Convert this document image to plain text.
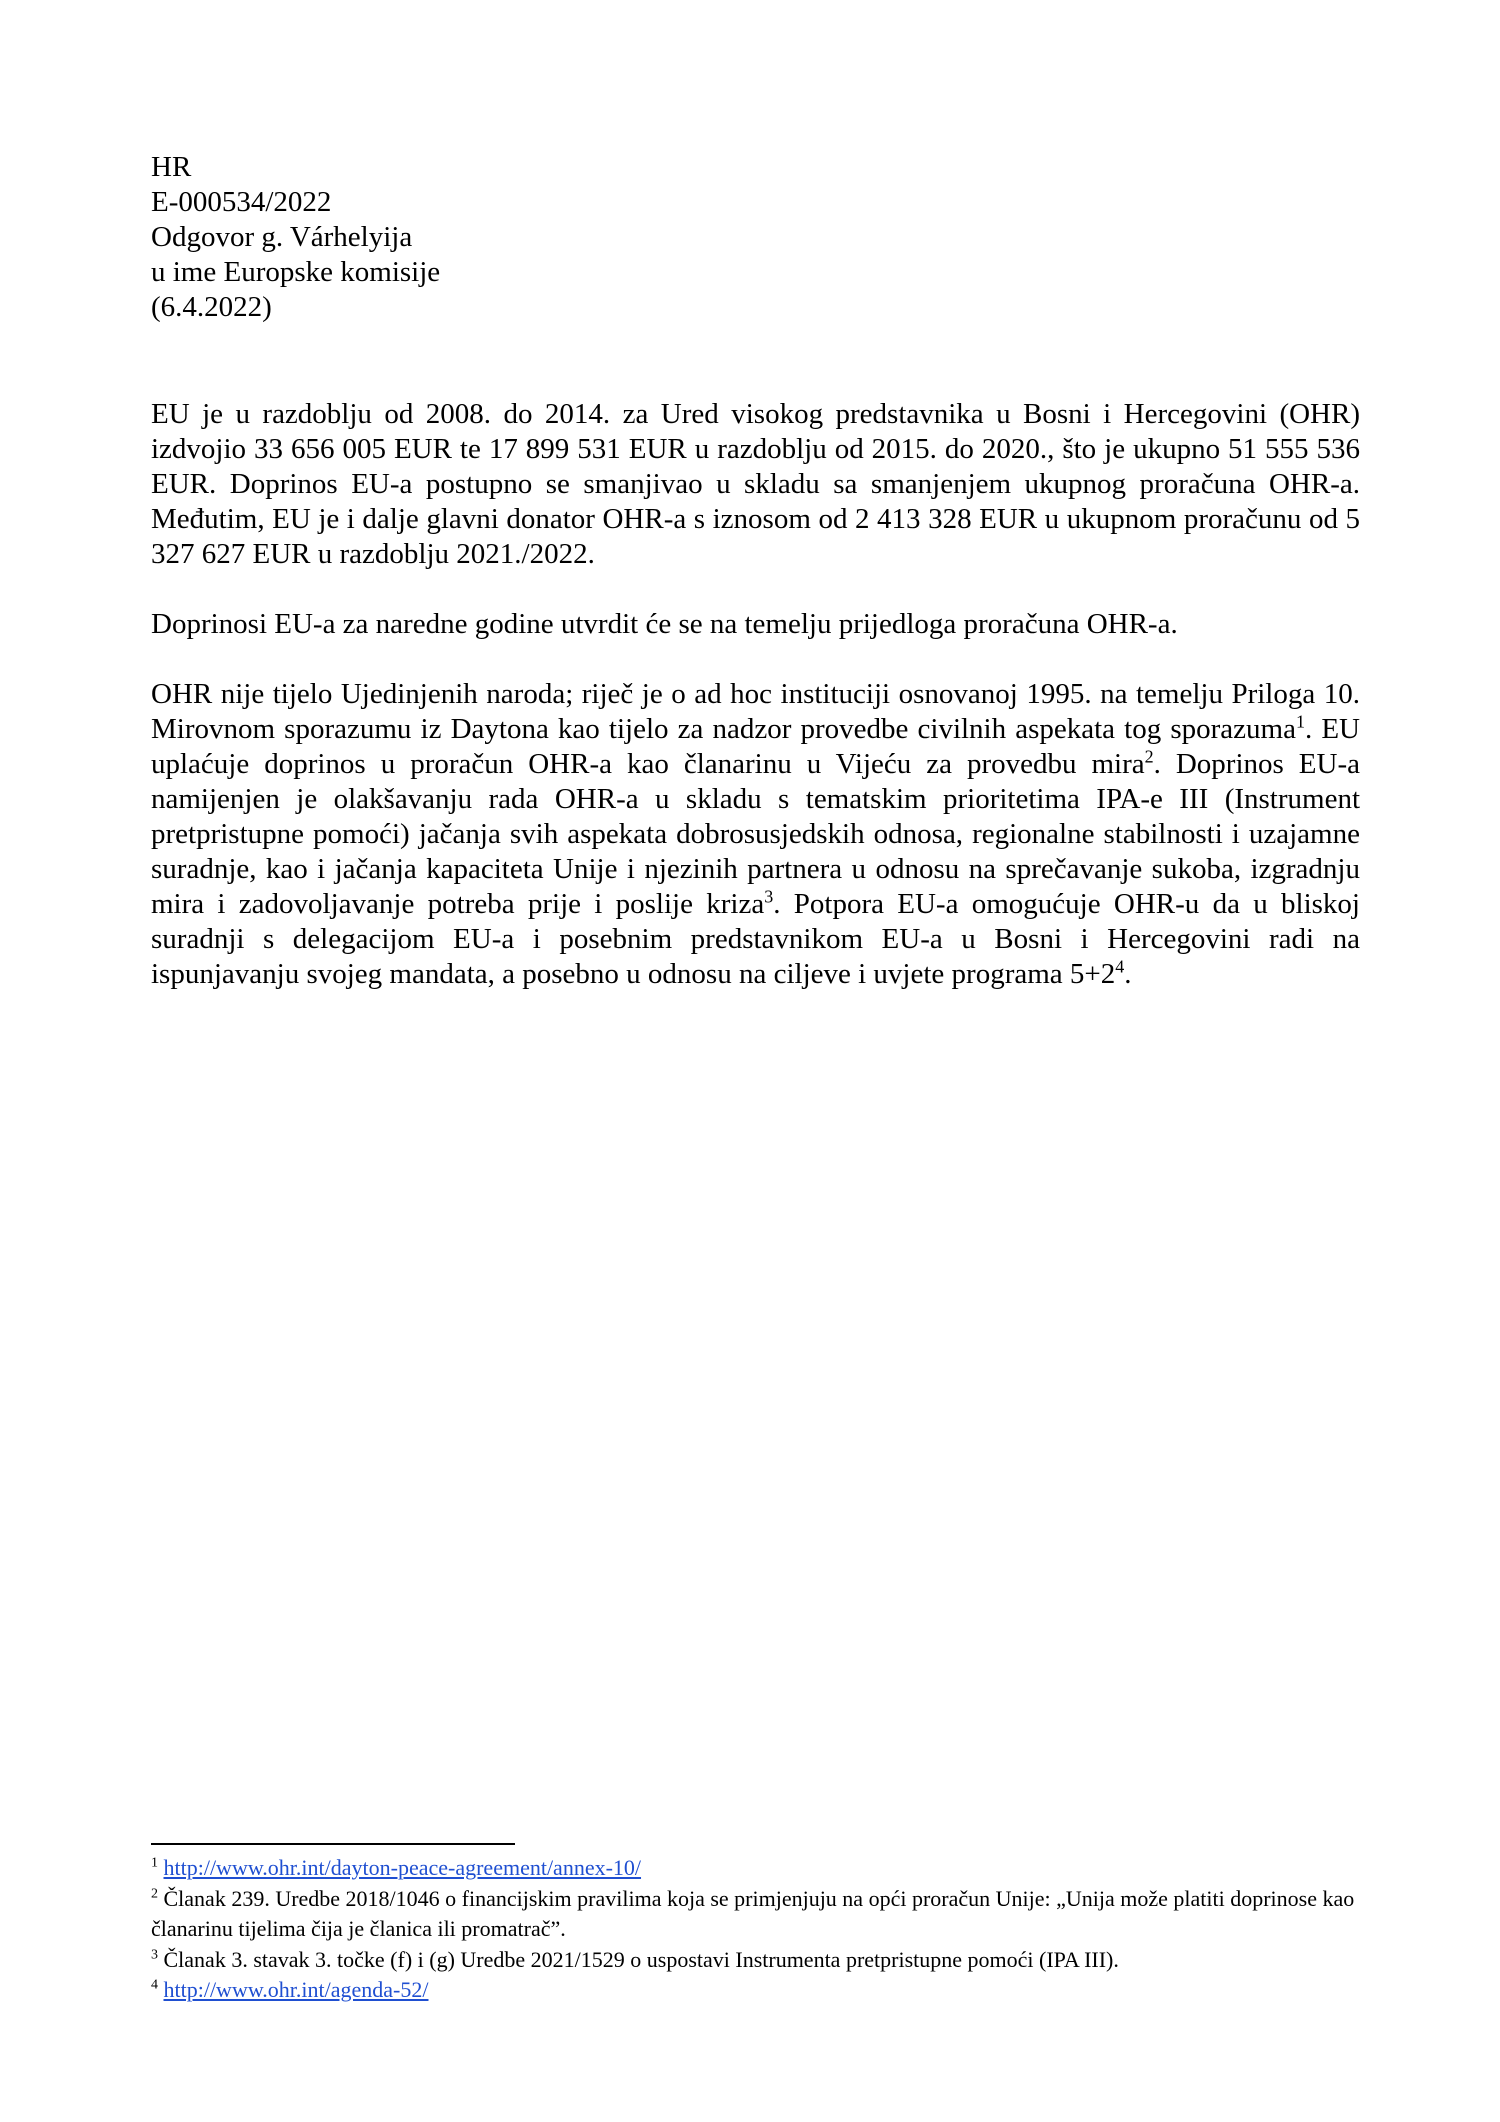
HR
E-000534/2022
Odgovor g. Várhelyija
u ime Europske komisije
(6.4.2022)

EU je u razdoblju od 2008. do 2014. za Ured visokog predstavnika u Bosni i Hercegovini (OHR) izdvojio 33 656 005 EUR te 17 899 531 EUR u razdoblju od 2015. do 2020., što je ukupno 51 555 536 EUR. Doprinos EU-a postupno se smanjivao u skladu sa smanjenjem ukupnog proračuna OHR-a. Međutim, EU je i dalje glavni donator OHR-a s iznosom od 2 413 328 EUR u ukupnom proračunu od 5 327 627 EUR u razdoblju 2021./2022.

Doprinosi EU-a za naredne godine utvrdit će se na temelju prijedloga proračuna OHR-a.

OHR nije tijelo Ujedinjenih naroda; riječ je o ad hoc instituciji osnovanoj 1995. na temelju Priloga 10. Mirovnom sporazumu iz Daytona kao tijelo za nadzor provedbe civilnih aspekata tog sporazuma$^1$. EU uplaćuje doprinos u proračun OHR-a kao članarinu u Vijeću za provedbu mira$^2$. Doprinos EU-a namijenjen je olakšavanju rada OHR-a u skladu s tematskim prioritetima IPA-e III (Instrument pretpristupne pomoći) jačanja svih aspekata dobrosusjedskih odnosa, regionalne stabilnosti i uzajamne suradnje, kao i jačanja kapaciteta Unije i njezinih partnera u odnosu na sprečavanje sukoba, izgradnju mira i zadovoljavanje potreba prije i poslije kriza$^3$. Potpora EU-a omogućuje OHR-u da u bliskoj suradnji s delegacijom EU-a i posebnim predstavnikom EU-a u Bosni i Hercegovini radi na ispunjavanju svojeg mandata, a posebno u odnosu na ciljeve i uvjete programa $5+2^4$.

$^1$ http://www.ohr.int/dayton-peace-agreement/annex-10/

$^2$ Članak 239. Uredbe 2018/1046 o financijskim pravilima koja se primjenjuju na opći proračun Unije: „Unija može platiti doprinose kao članarinu tijelima čija je članica ili promatrač”.

$^3$ Članak 3. stavak 3. točke (f) i (g) Uredbe 2021/1529 o uspostavi Instrumenta pretpristupne pomoći (IPA III).

$^4$ http://www.ohr.int/agenda-52/
